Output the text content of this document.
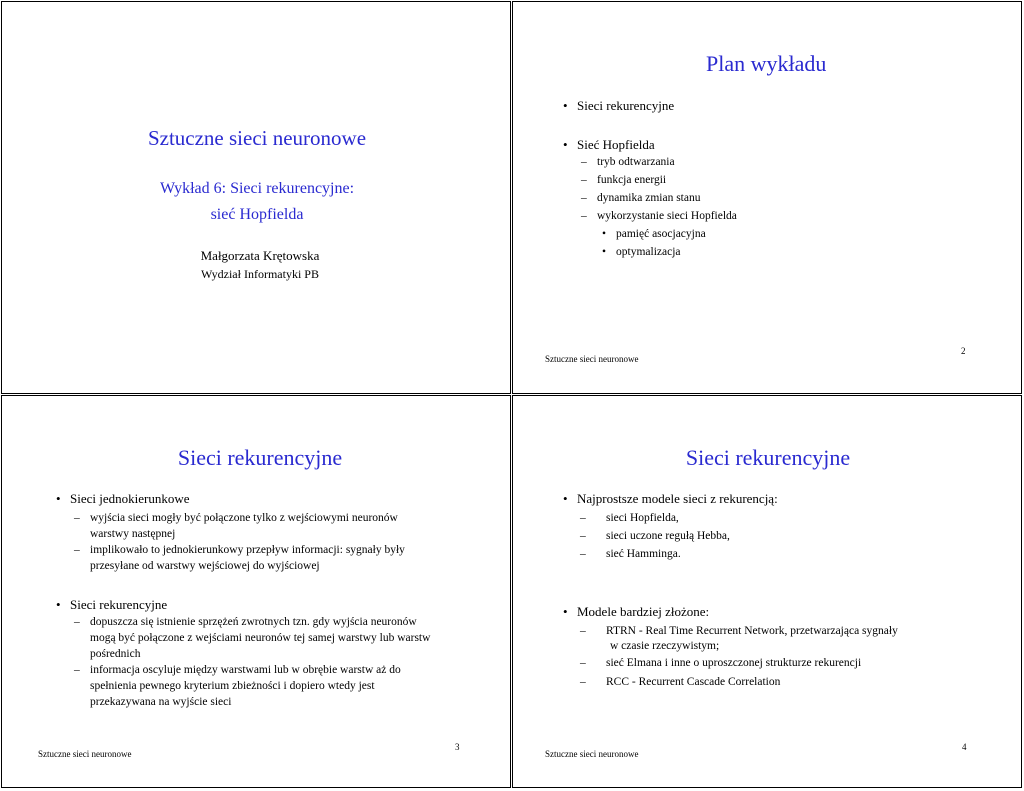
Sztuczne sieci neuronowe
Wykład 6: Sieci rekurencyjne:
sieć Hopfielda
Małgorzata Krętowska
Wydział Informatyki PB
Plan wykładu
• Sieci rekurencyjne
• Sieć Hopfielda
– tryb odtwarzania
– funkcja energii
– dynamika zmian stanu
– wykorzystanie sieci Hopfielda
• pamięć asocjacyjna
• optymalizacja
Sztuczne sieci neuronowe
2
Sieci rekurencyjne
• Sieci jednokierunkowe
– wyjścia sieci mogły być połączone tylko z wejściowymi neuronów
warstwy następnej
– implikowało to jednokierunkowy przepływ informacji: sygnały były
przesyłane od warstwy wejściowej do wyjściowej
• Sieci rekurencyjne
– dopuszcza się istnienie sprzężeń zwrotnych tzn. gdy wyjścia neuronów
mogą być połączone z wejściami neuronów tej samej warstwy lub warstw
pośrednich
– informacja oscyluje między warstwami lub w obrębie warstw aż do
spełnienia pewnego kryterium zbieżności i dopiero wtedy jest
przekazywana na wyjście sieci
Sztuczne sieci neuronowe
3
Sieci rekurencyjne
• Najprostsze modele sieci z rekurencją:
– sieci Hopfielda,
– sieci uczone regułą Hebba,
– sieć Hamminga.
• Modele bardziej złożone:
– RTRN - Real Time Recurrent Network, przetwarzająca sygnały
w czasie rzeczywistym;
– sieć Elmana i inne o uproszczonej strukturze rekurencji
– RCC - Recurrent Cascade Correlation
Sztuczne sieci neuronowe
4
